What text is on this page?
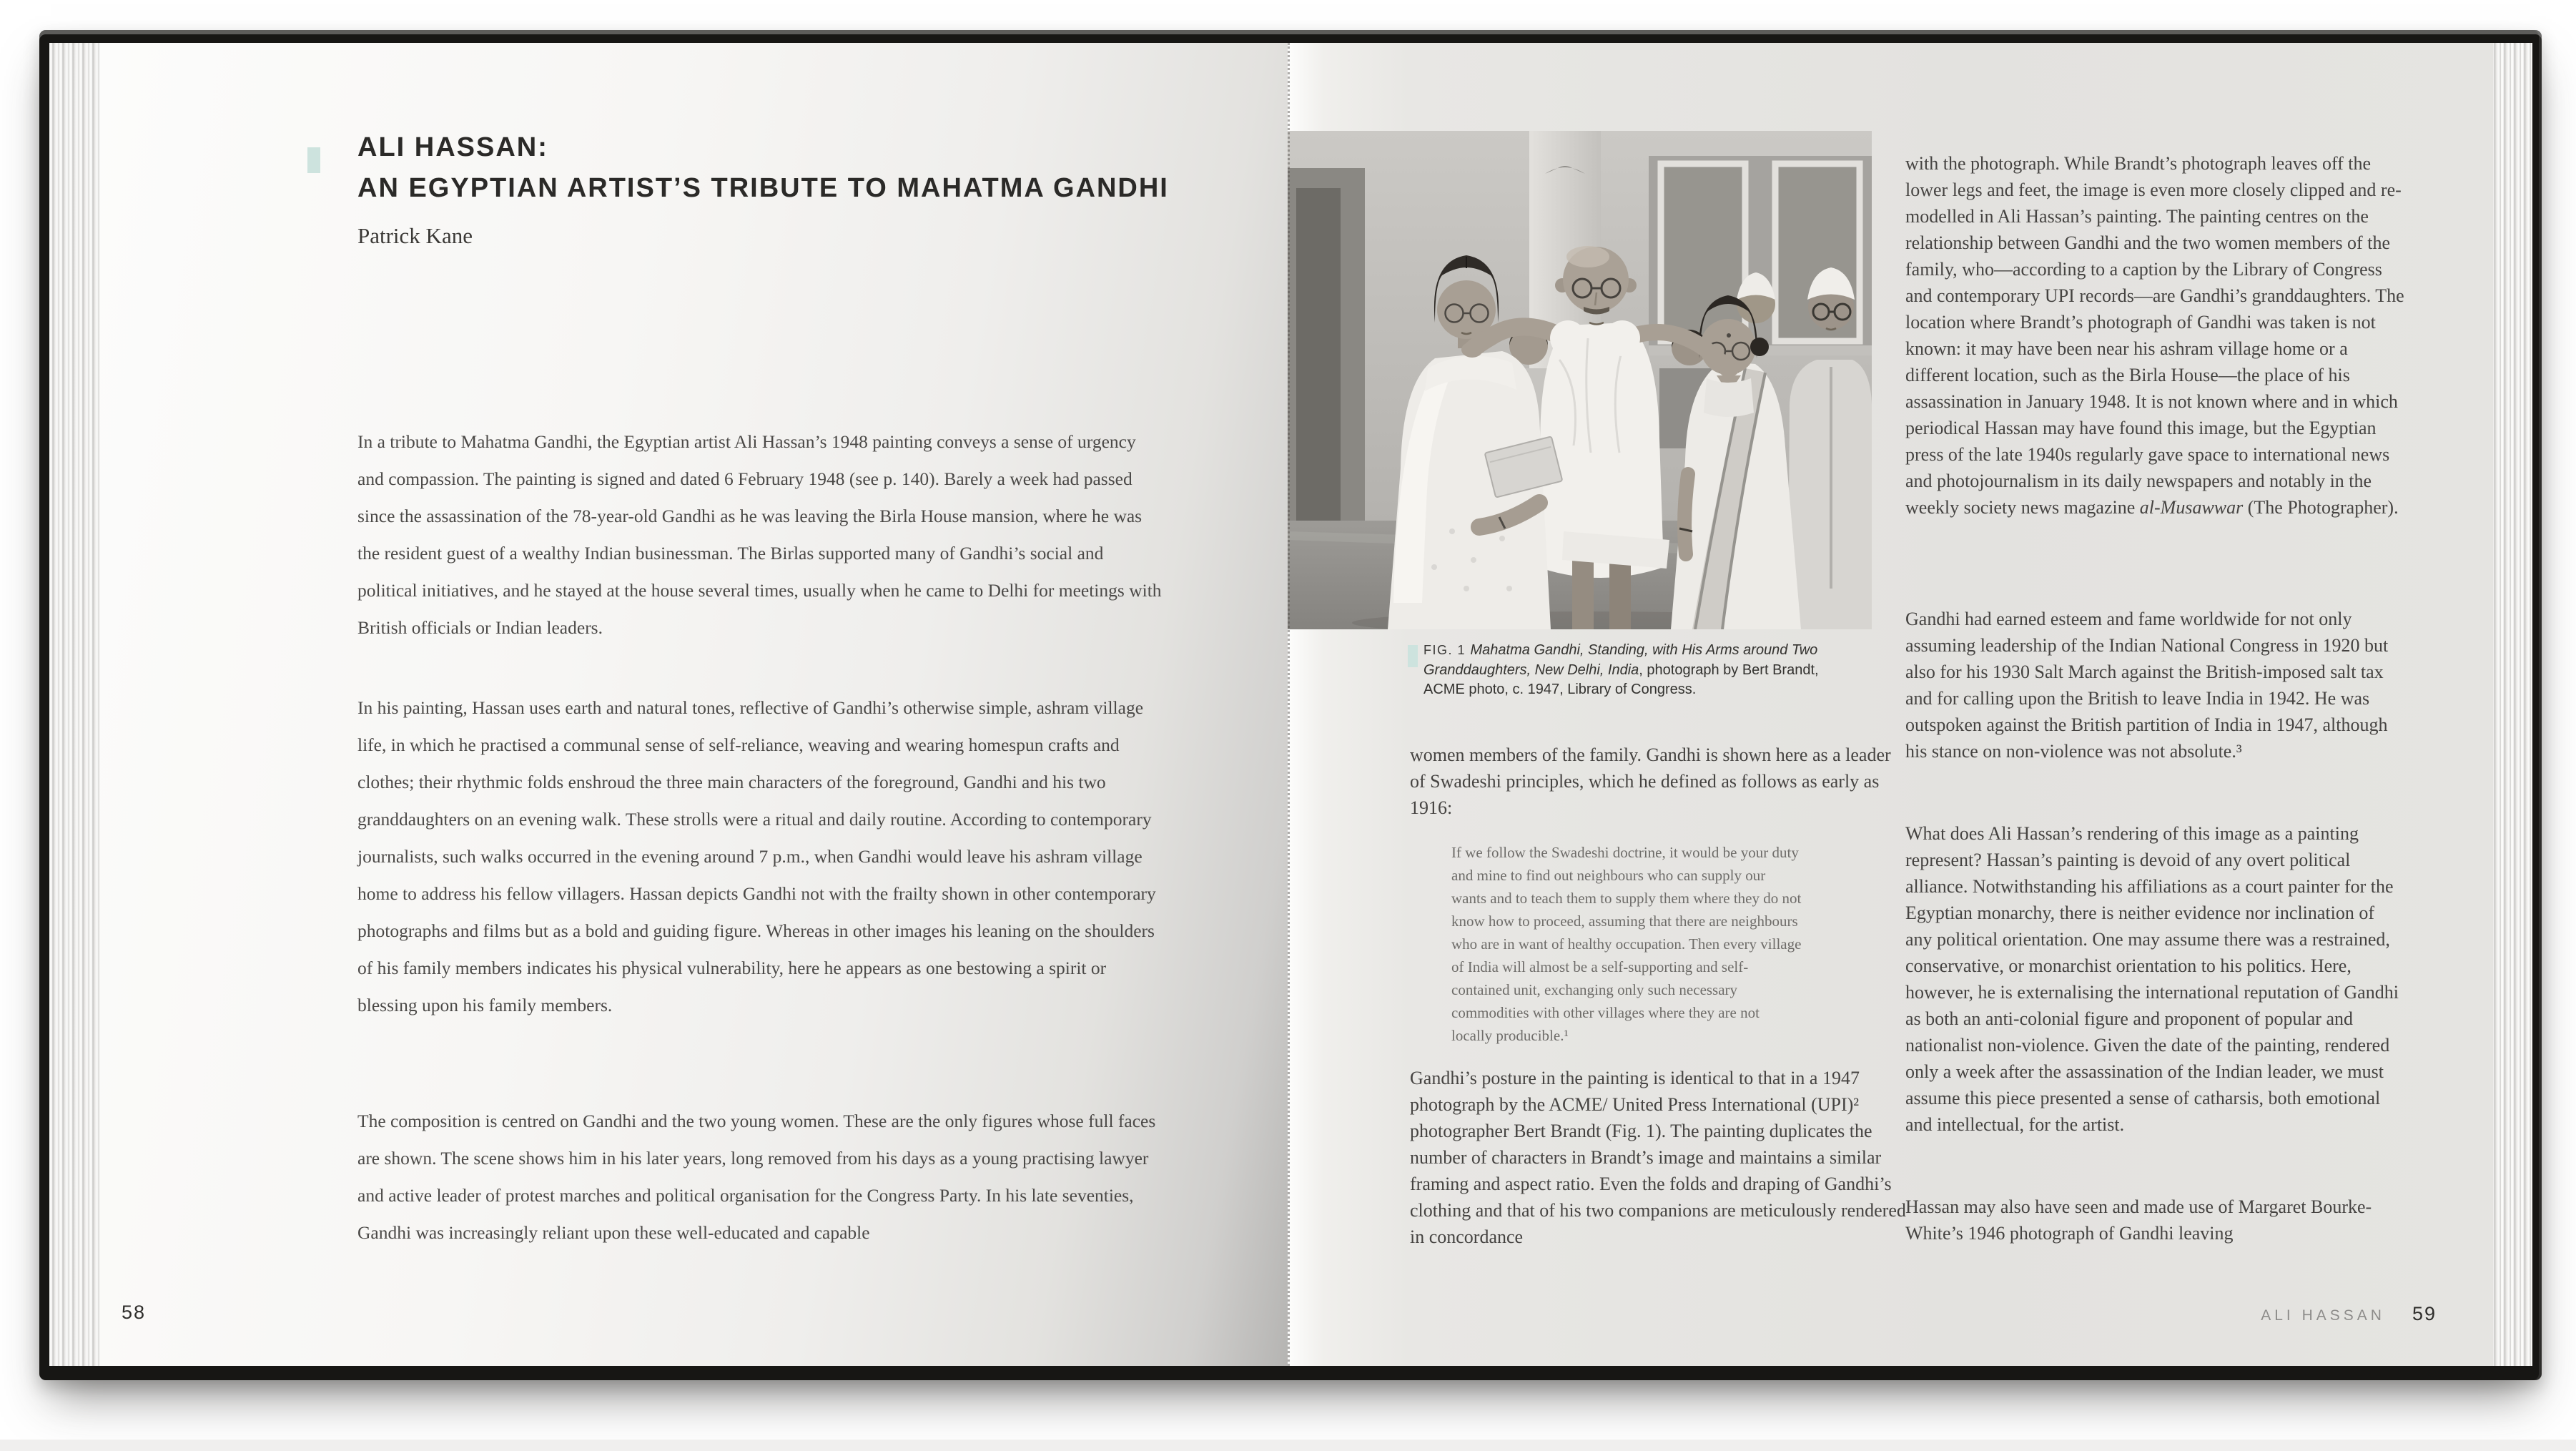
ALI HASSAN:
AN EGYPTIAN ARTIST’S TRIBUTE TO MAHATMA GANDHI
Patrick Kane
In a tribute to Mahatma Gandhi, the Egyptian artist Ali Hassan’s 1948 painting conveys a sense of urgency and compassion. The painting is signed and dated 6 February 1948 (see p. 140). Barely a week had passed since the assassination of the 78-year-old Gandhi as he was leaving the Birla House mansion, where he was the resident guest of a wealthy Indian businessman. The Birlas supported many of Gandhi’s social and political initiatives, and he stayed at the house several times, usually when he came to Delhi for meetings with British officials or Indian leaders.
In his painting, Hassan uses earth and natural tones, reflective of Gandhi’s otherwise simple, ashram village life, in which he practised a communal sense of self-reliance, weaving and wearing homespun crafts and clothes; their rhythmic folds enshroud the three main characters of the foreground, Gandhi and his two granddaughters on an evening walk. These strolls were a ritual and daily routine. According to contemporary journalists, such walks occurred in the evening around 7 p.m., when Gandhi would leave his ashram village home to address his fellow villagers. Hassan depicts Gandhi not with the frailty shown in other contemporary photographs and films but as a bold and guiding figure. Whereas in other images his leaning on the shoulders of his family members indicates his physical vulnerability, here he appears as one bestowing a spirit or blessing upon his family members.
The composition is centred on Gandhi and the two young women. These are the only figures whose full faces are shown. The scene shows him in his later years, long removed from his days as a young practising lawyer and active leader of protest marches and political organisation for the Congress Party. In his late seventies, Gandhi was increasingly reliant upon these well-educated and capable
58
FIG. 1 Mahatma Gandhi, Standing, with His Arms around Two Granddaughters, New Delhi, India, photograph by Bert Brandt, ACME photo, c. 1947, Library of Congress.
women members of the family. Gandhi is shown here as a leader of Swadeshi principles, which he defined as follows as early as 1916:
If we follow the Swadeshi doctrine, it would be your duty and mine to find out neighbours who can supply our wants and to teach them to supply them where they do not know how to proceed, assuming that there are neighbours who are in want of healthy occupation. Then every village of India will almost be a self-supporting and self-contained unit, exchanging only such necessary commodities with other villages where they are not locally producible.¹
Gandhi’s posture in the painting is identical to that in a 1947 photograph by the ACME/ United Press International (UPI)² photographer Bert Brandt (Fig. 1). The painting duplicates the number of characters in Brandt’s image and maintains a similar framing and aspect ratio. Even the folds and draping of Gandhi’s clothing and that of his two companions are meticulously rendered in concordance
with the photograph. While Brandt’s photograph leaves off the lower legs and feet, the image is even more closely clipped and re-modelled in Ali Hassan’s painting. The painting centres on the relationship between Gandhi and the two women members of the family, who—according to a caption by the Library of Congress and contemporary UPI records—are Gandhi’s granddaughters. The location where Brandt’s photograph of Gandhi was taken is not known: it may have been near his ashram village home or a different location, such as the Birla House—the place of his assassination in January 1948. It is not known where and in which periodical Hassan may have found this image, but the Egyptian press of the late 1940s regularly gave space to international news and photojournalism in its daily newspapers and notably in the weekly society news magazine al-Musawwar (The Photographer).
Gandhi had earned esteem and fame worldwide for not only assuming leadership of the Indian National Congress in 1920 but also for his 1930 Salt March against the British-imposed salt tax and for calling upon the British to leave India in 1942. He was outspoken against the British partition of India in 1947, although his stance on non-violence was not absolute.³
What does Ali Hassan’s rendering of this image as a painting represent? Hassan’s painting is devoid of any overt political alliance. Notwithstanding his affiliations as a court painter for the Egyptian monarchy, there is neither evidence nor inclination of any political orientation. One may assume there was a restrained, conservative, or monarchist orientation to his politics. Here, however, he is externalising the international reputation of Gandhi as both an anti-colonial figure and proponent of popular and nationalist non-violence. Given the date of the painting, rendered only a week after the assassination of the Indian leader, we must assume this piece presented a sense of catharsis, both emotional and intellectual, for the artist.
Hassan may also have seen and made use of Margaret Bourke-White’s 1946 photograph of Gandhi leaving
ALI HASSAN 59
